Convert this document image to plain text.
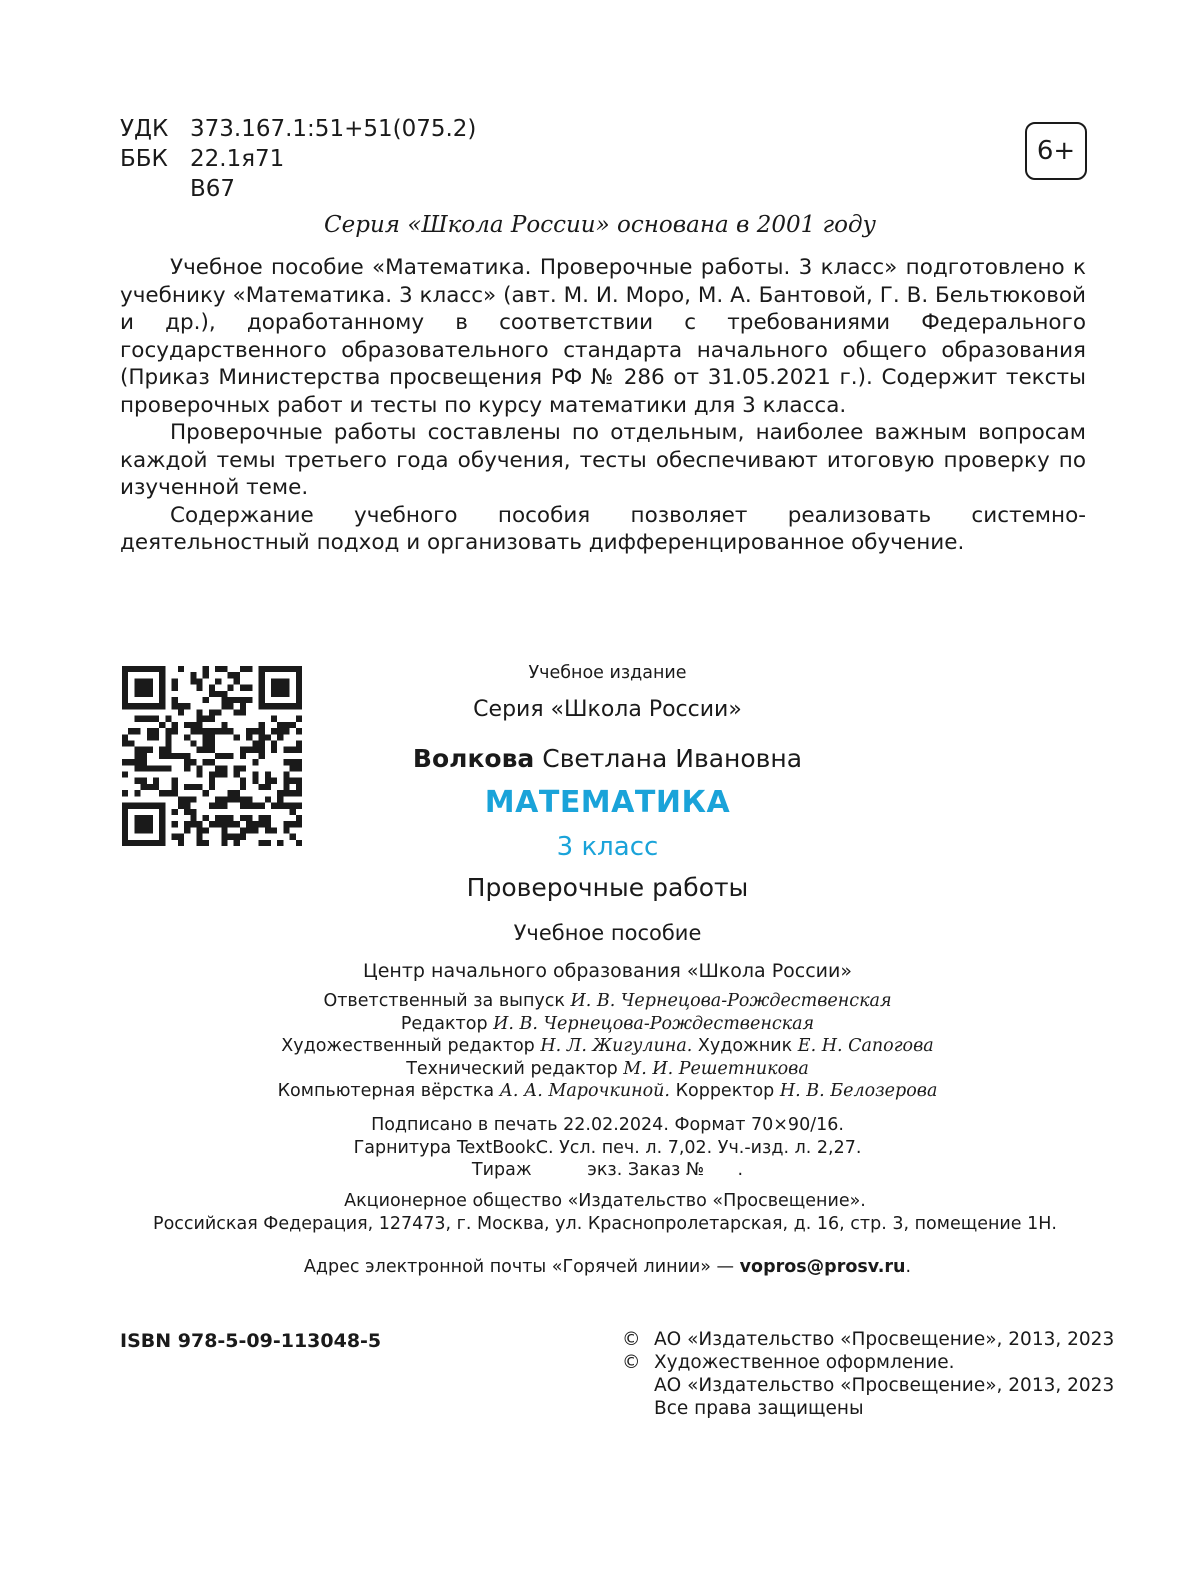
УДК 373.167.1:51+51(075.2)
ББК 22.1я71
В67
6+
Серия «Школа России» основана в 2001 году

Учебное пособие «Математика. Проверочные работы. 3 класс» подготовлено к учебнику «Математика. 3 класс» (авт. М. И. Моро, М. А. Бантовой, Г. В. Бельтюковой и др.), доработанному в соответствии с требованиями Федерального государственного образовательного стандарта начального общего образования (Приказ Министерства просвещения РФ № 286 от 31.05.2021 г.). Содержит тексты проверочных работ и тесты по курсу математики для 3 класса.

Проверочные работы составлены по отдельным, наиболее важным вопросам каждой темы третьего года обучения, тесты обеспечивают итоговую проверку по изученной теме.

Содержание учебного пособия позволяет реализовать системно-деятельностный подход и организовать дифференцированное обучение.

Учебное издание
Серия «Школа России»
Волкова Светлана Ивановна
МАТЕМАТИКА
3 класс
Проверочные работы
Учебное пособие
Центр начального образования «Школа России»
Ответственный за выпуск И. В. Чернецова-Рождественская
Редактор И. В. Чернецова-Рождественская
Художественный редактор Н. Л. Жигулина. Художник Е. Н. Сапогова
Технический редактор М. И. Решетникова
Компьютерная вёрстка А. А. Марочкиной. Корректор Н. В. Белозерова
Подписано в печать 22.02.2024. Формат 70×90/16.
Гарнитура TextBookC. Усл. печ. л. 7,02. Уч.-изд. л. 2,27.
Тираж          экз. Заказ №      .
Акционерное общество «Издательство «Просвещение».
Российская Федерация, 127473, г. Москва, ул. Краснопролетарская, д. 16, стр. 3, помещение 1Н.
Адрес электронной почты «Горячей линии» — vopros@prosv.ru.
ISBN 978-5-09-113048-5	© АО «Издательство «Просвещение», 2013, 2023
© Художественное оформление.
АО «Издательство «Просвещение», 2013, 2023
Все права защищены
